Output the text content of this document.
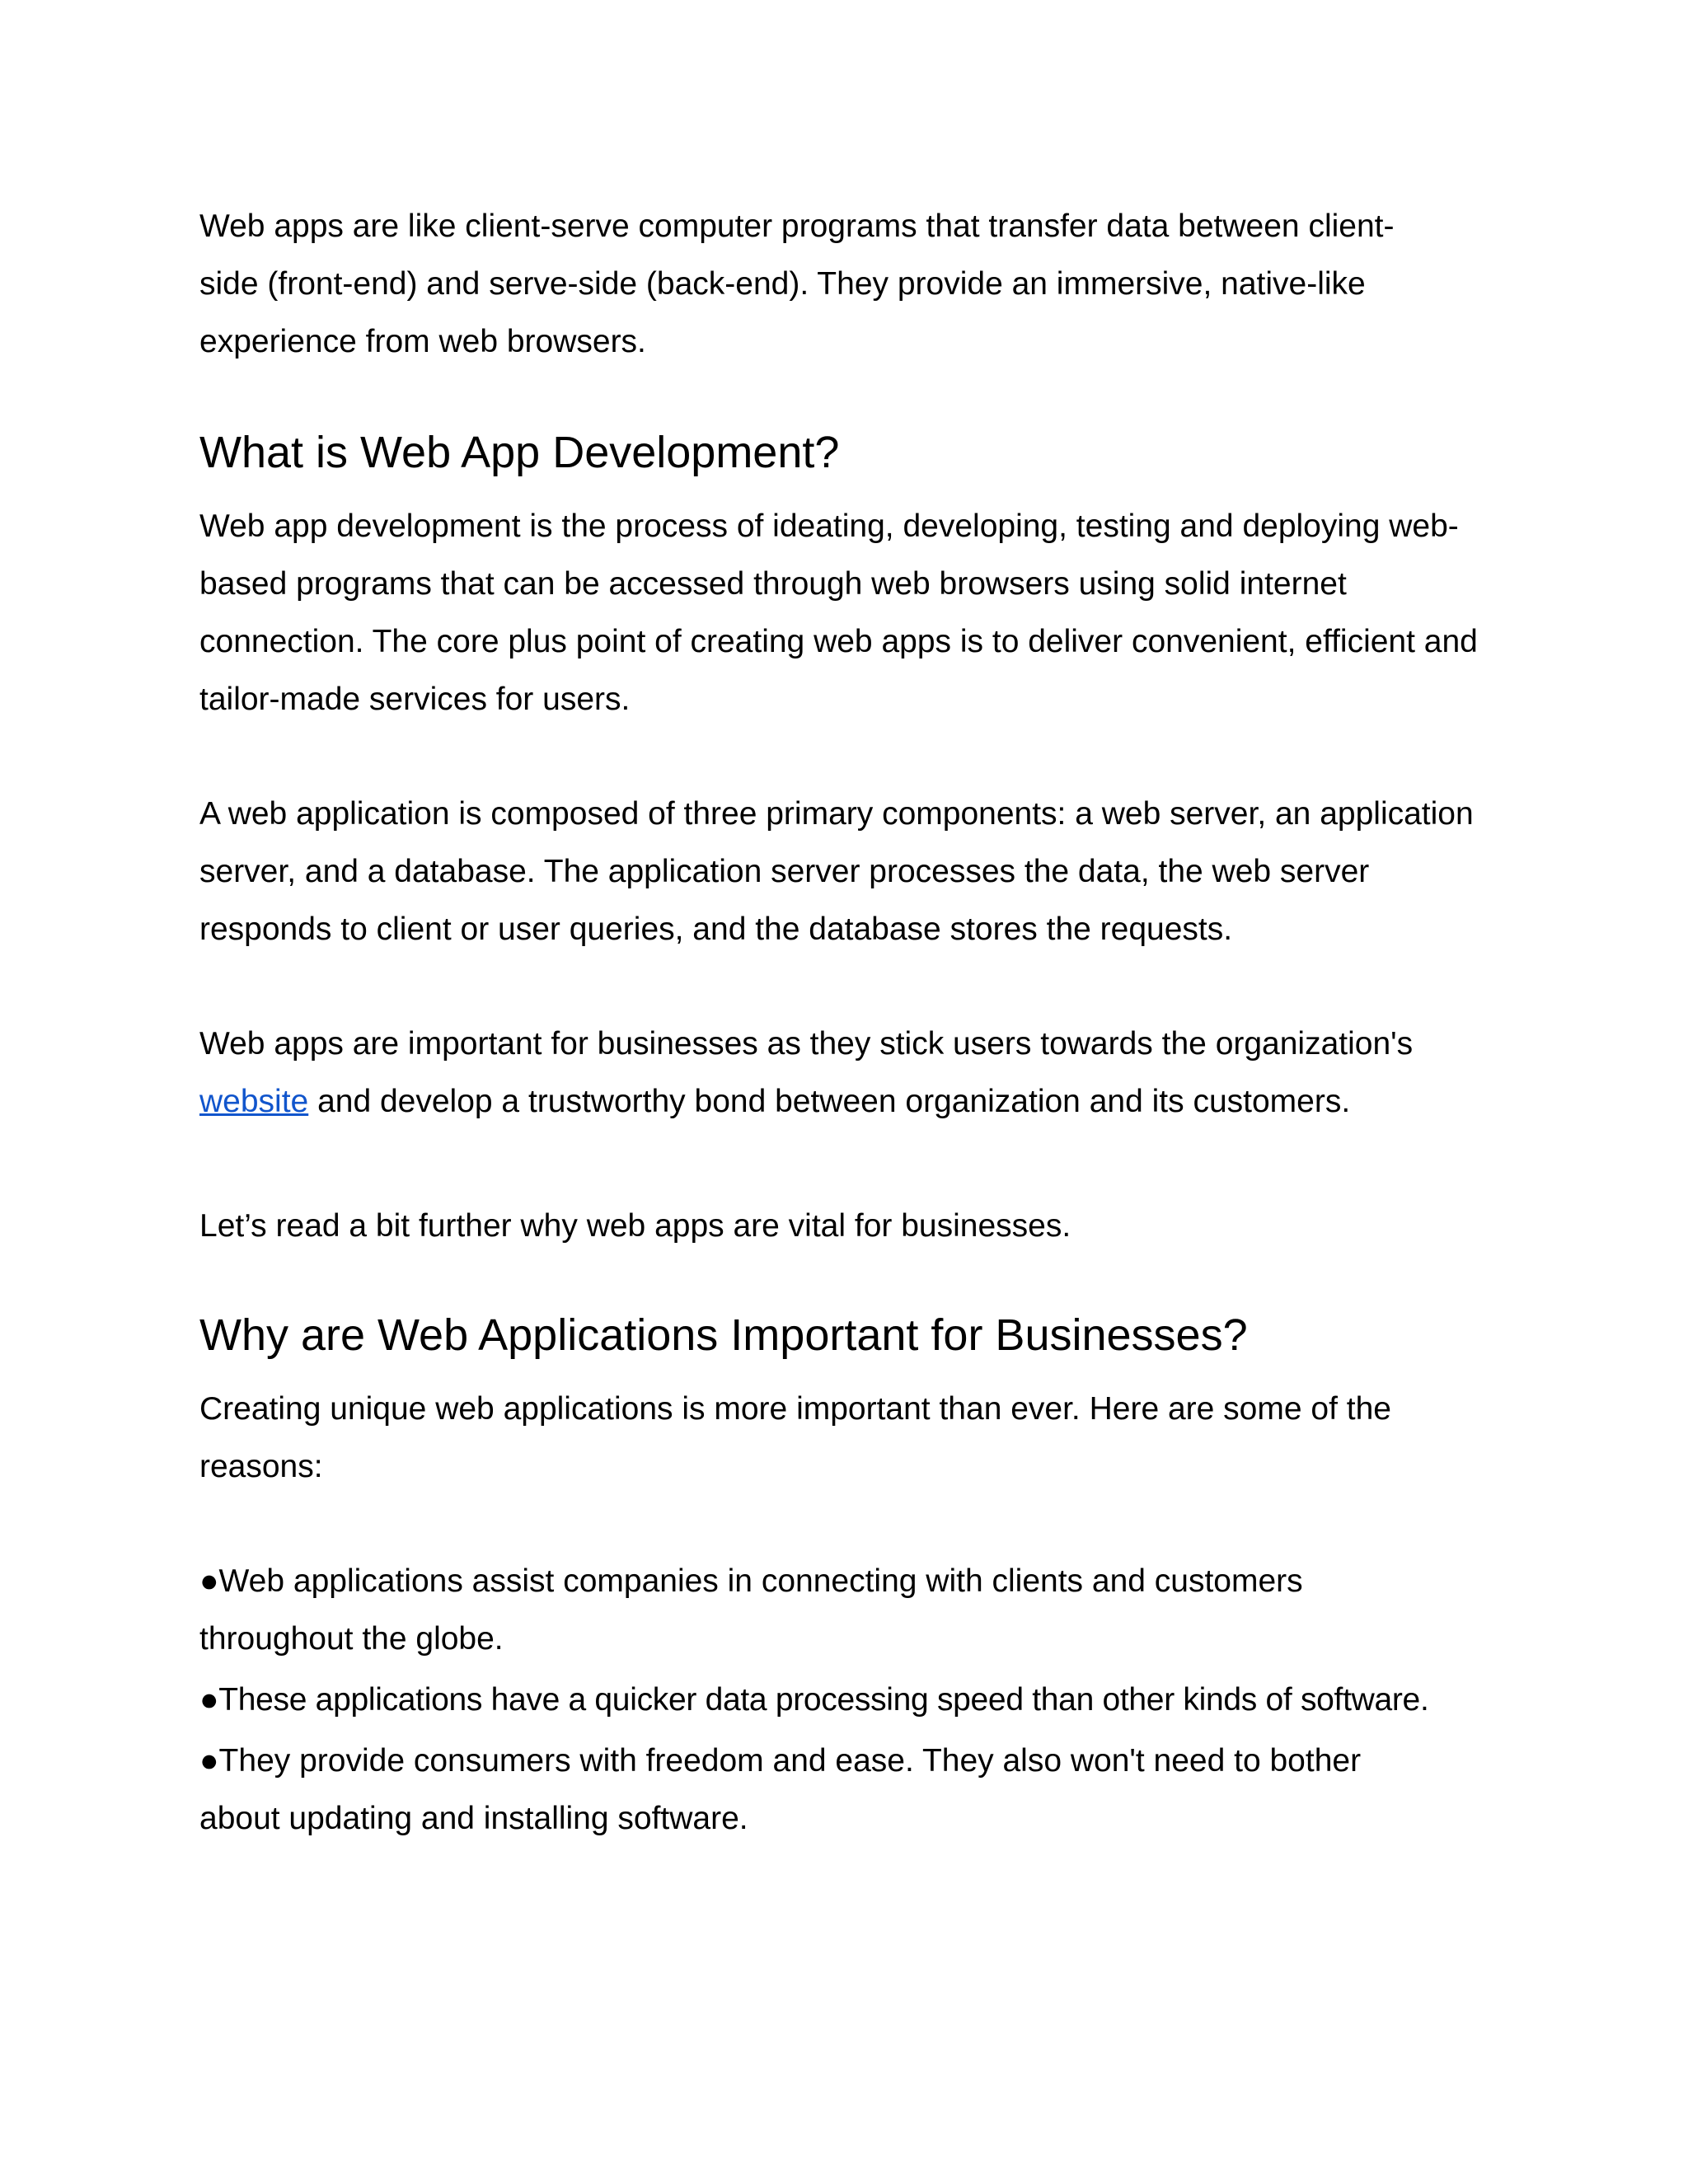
Web apps are like client-serve computer programs that transfer data between client-side (front-end) and serve-side (back-end). They provide an immersive, native-like experience from web browsers.

What is Web App Development?

Web app development is the process of ideating, developing, testing and deploying web-based programs that can be accessed through web browsers using solid internet connection. The core plus point of creating web apps is to deliver convenient, efficient and tailor-made services for users.

A web application is composed of three primary components: a web server, an application server, and a database. The application server processes the data, the web server responds to client or user queries, and the database stores the requests.

Web apps are important for businesses as they stick users towards the organization's
website and develop a trustworthy bond between organization and its customers.

Let’s read a bit further why web apps are vital for businesses.

Why are Web Applications Important for Businesses?

Creating unique web applications is more important than ever. Here are some of the reasons:

●Web applications assist companies in connecting with clients and customers throughout the globe.

●These applications have a quicker data processing speed than other kinds of software.

●They provide consumers with freedom and ease. They also won't need to bother about updating and installing software.
